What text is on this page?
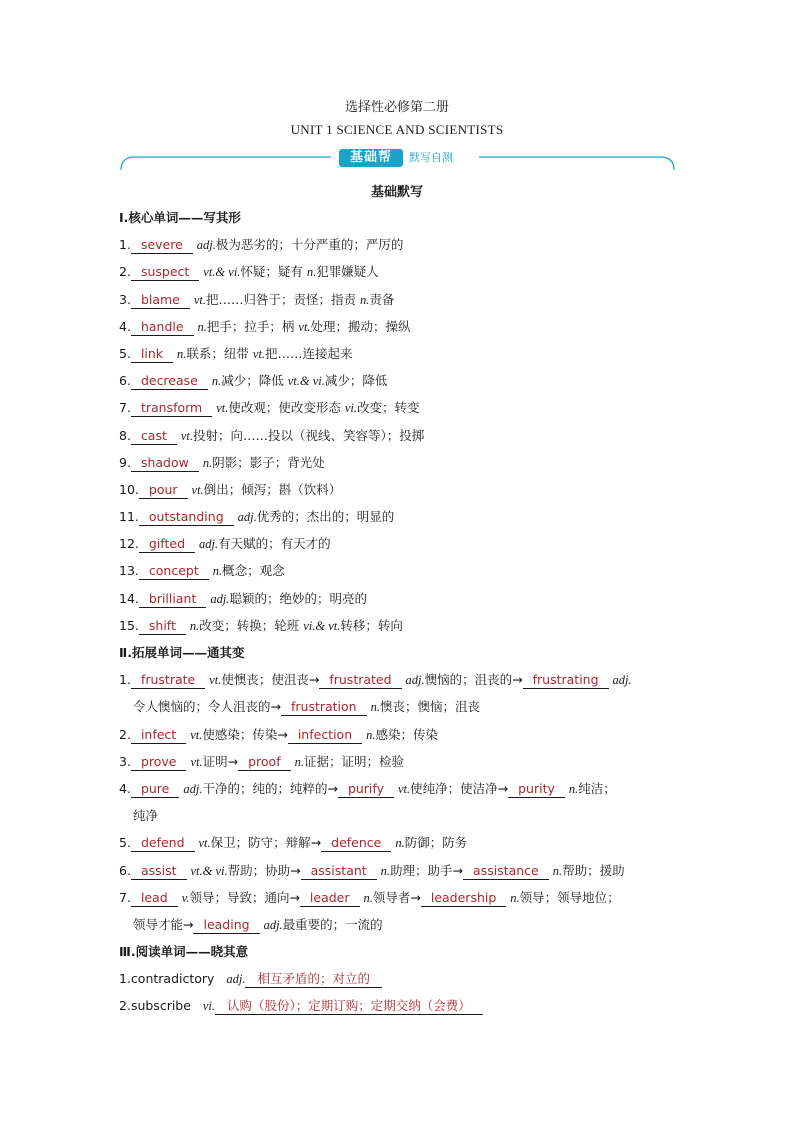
选择性必修第二册
UNIT 1 SCIENCE AND SCIENTISTS
基础帮	默写自测
基础默写
Ⅰ.核心单词——写其形
1. severe adj.极为恶劣的；十分严重的；严厉的
2. suspect vt.& vi.怀疑；疑有 n.犯罪嫌疑人
3. blame vt.把……归咎于；责怪；指责 n.责备
4. handle n.把手；拉手；柄 vt.处理；搬动；操纵
5. link n.联系；纽带 vt.把……连接起来
6. decrease n.减少；降低 vt.& vi.减少；降低
7. transform vt.使改观；使改变形态 vi.改变；转变
8. cast vt.投射；向……投以（视线、笑容等）；投掷
9. shadow n.阴影；影子；背光处
10. pour vt.倒出；倾泻；斟（饮料）
11. outstanding adj.优秀的；杰出的；明显的
12. gifted adj.有天赋的；有天才的
13. concept n.概念；观念
14. brilliant adj.聪颖的；绝妙的；明亮的
15. shift n.改变；转换；轮班 vi.& vt.转移；转向
Ⅱ.拓展单词——通其变
1. frustrate vt.使懊丧；使沮丧→ frustrated adj.懊恼的；沮丧的→ frustrating adj.
令人懊恼的；令人沮丧的→ frustration n.懊丧；懊恼；沮丧
2. infect vt.使感染；传染→ infection n.感染；传染
3. prove vt.证明→ proof n.证据；证明；检验
4. pure adj.干净的；纯的；纯粹的→ purify vt.使纯净；使洁净→ purity n.纯洁；
纯净
5. defend vt.保卫；防守；辩解→ defence n.防御；防务
6. assist vt.& vi.帮助；协助→ assistant n.助理；助手→ assistance n.帮助；援助
7. lead v.领导；导致；通向→ leader n.领导者→ leadership n.领导；领导地位；
领导才能→ leading adj.最重要的；一流的
Ⅲ.阅读单词——晓其意
1.contradictory adj. 相互矛盾的；对立的
2.subscribe vi. 认购（股份）；定期订购；定期交纳（会费）
